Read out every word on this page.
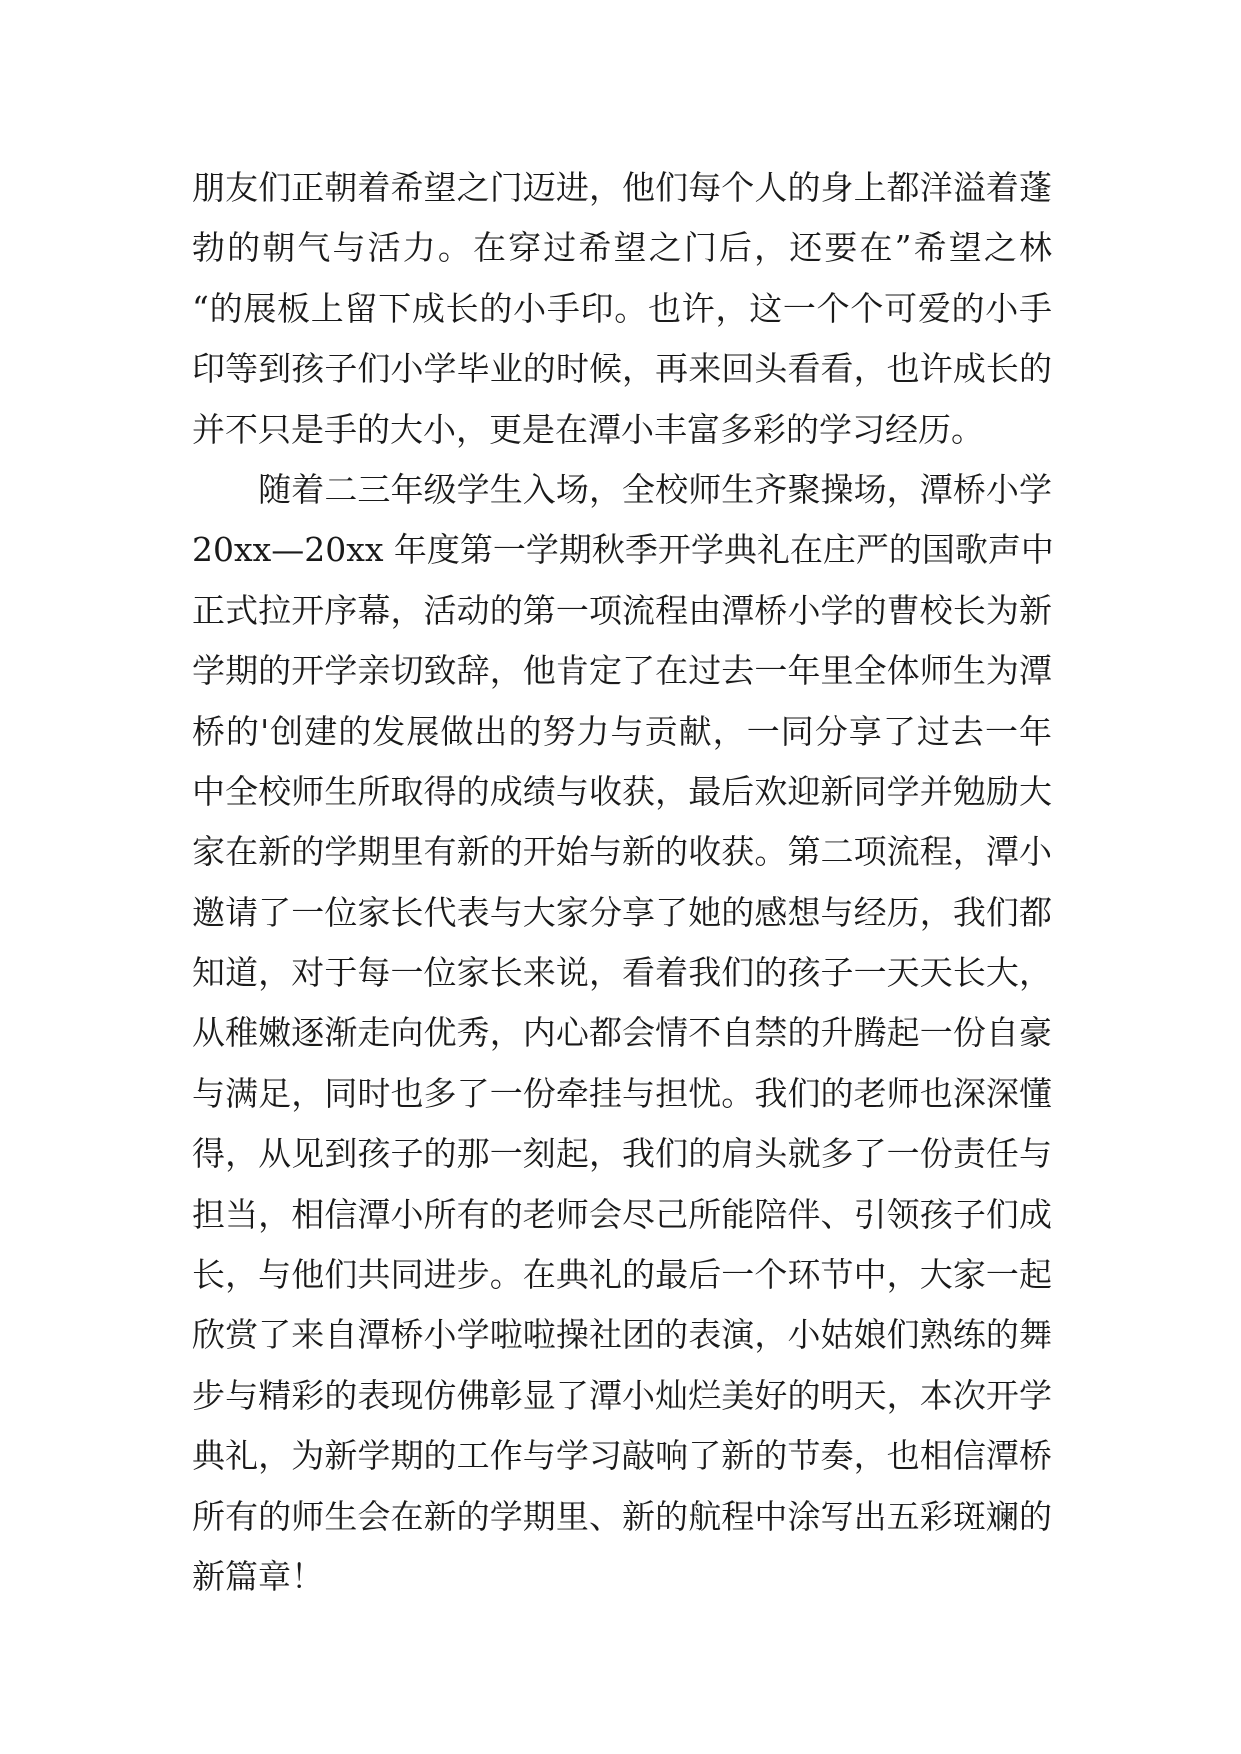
朋友们正朝着希望之门迈进，他们每个人的身上都洋溢着蓬
勃的朝气与活力。在穿过希望之门后，还要在”希望之林
“的展板上留下成长的小手印。也许，这一个个可爱的小手
印等到孩子们小学毕业的时候，再来回头看看，也许成长的
并不只是手的大小，更是在潭小丰富多彩的学习经历。
　　随着二三年级学生入场，全校师生齐聚操场，潭桥小学
20xx—20xx 年度第一学期秋季开学典礼在庄严的国歌声中
正式拉开序幕，活动的第一项流程由潭桥小学的曹校长为新
学期的开学亲切致辞，他肯定了在过去一年里全体师生为潭
桥的'创建的发展做出的努力与贡献，一同分享了过去一年
中全校师生所取得的成绩与收获，最后欢迎新同学并勉励大
家在新的学期里有新的开始与新的收获。第二项流程，潭小
邀请了一位家长代表与大家分享了她的感想与经历，我们都
知道，对于每一位家长来说，看着我们的孩子一天天长大，
从稚嫩逐渐走向优秀，内心都会情不自禁的升腾起一份自豪
与满足，同时也多了一份牵挂与担忧。我们的老师也深深懂
得，从见到孩子的那一刻起，我们的肩头就多了一份责任与
担当，相信潭小所有的老师会尽己所能陪伴、引领孩子们成
长，与他们共同进步。在典礼的最后一个环节中，大家一起
欣赏了来自潭桥小学啦啦操社团的表演，小姑娘们熟练的舞
步与精彩的表现仿佛彰显了潭小灿烂美好的明天，本次开学
典礼，为新学期的工作与学习敲响了新的节奏，也相信潭桥
所有的师生会在新的学期里、新的航程中涂写出五彩斑斓的
新篇章！
